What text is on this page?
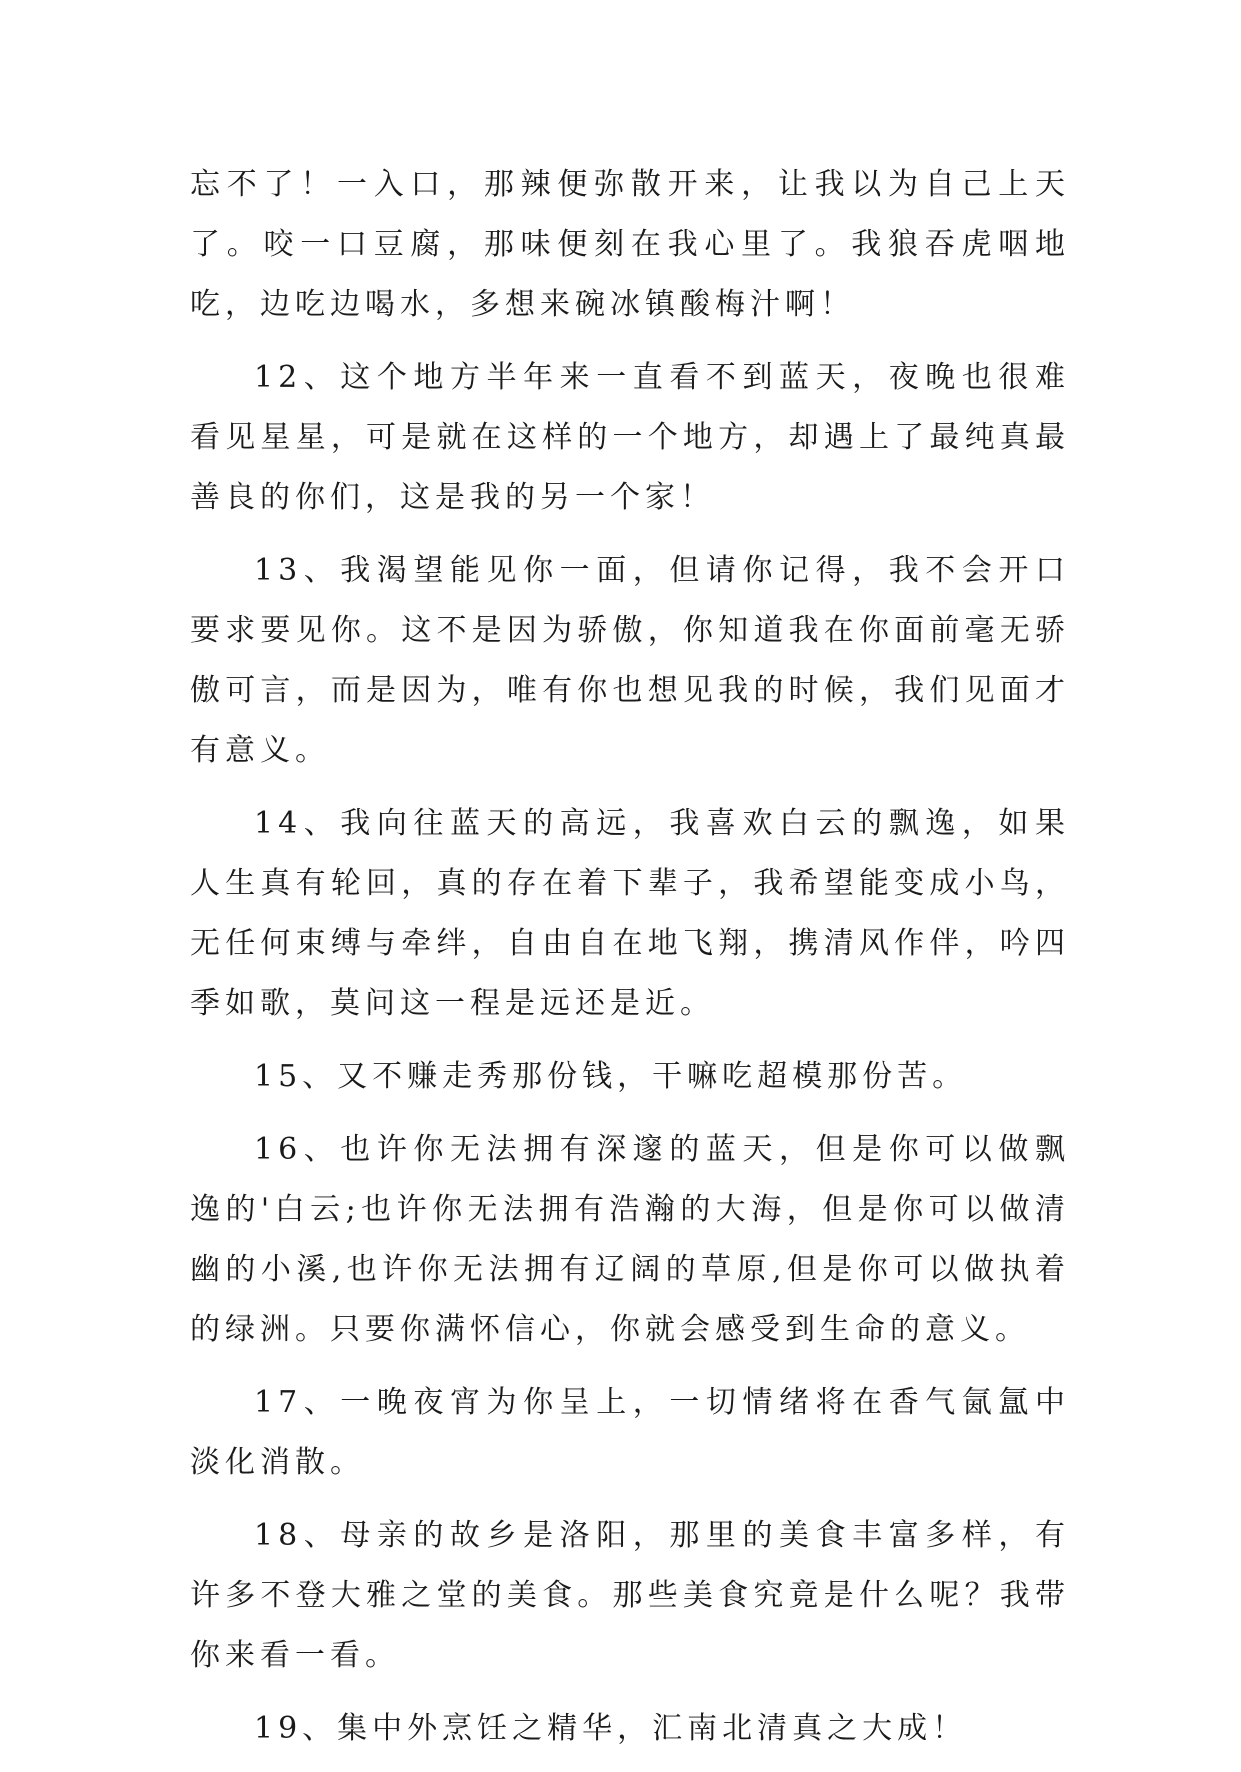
忘不了！一入口，那辣便弥散开来，让我以为自己上天了。咬一口豆腐，那味便刻在我心里了。我狼吞虎咽地吃，边吃边喝水，多想来碗冰镇酸梅汁啊！

12、这个地方半年来一直看不到蓝天，夜晚也很难看见星星，可是就在这样的一个地方，却遇上了最纯真最善良的你们，这是我的另一个家！

13、我渴望能见你一面，但请你记得，我不会开口要求要见你。这不是因为骄傲，你知道我在你面前毫无骄傲可言，而是因为，唯有你也想见我的时候，我们见面才有意义。

14、我向往蓝天的高远，我喜欢白云的飘逸，如果人生真有轮回，真的存在着下辈子，我希望能变成小鸟，无任何束缚与牵绊，自由自在地飞翔，携清风作伴，吟四季如歌，莫问这一程是远还是近。

15、又不赚走秀那份钱，干嘛吃超模那份苦。

16、也许你无法拥有深邃的蓝天，但是你可以做飘逸的'白云;也许你无法拥有浩瀚的大海，但是你可以做清幽的小溪,也许你无法拥有辽阔的草原,但是你可以做执着的绿洲。只要你满怀信心，你就会感受到生命的意义。

17、一晚夜宵为你呈上，一切情绪将在香气氤氲中淡化消散。

18、母亲的故乡是洛阳，那里的美食丰富多样，有许多不登大雅之堂的美食。那些美食究竟是什么呢？我带你来看一看。

19、集中外烹饪之精华，汇南北清真之大成！
